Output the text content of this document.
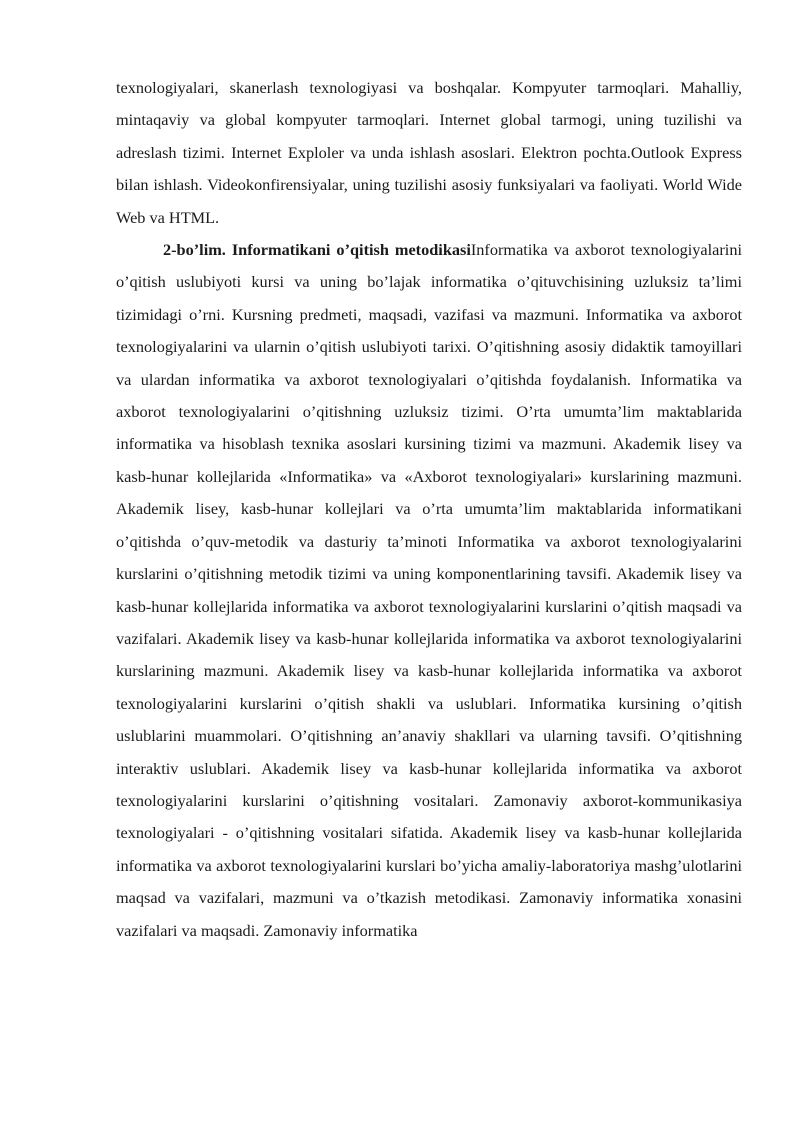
texnologiyalari, skanerlash texnologiyasi va boshqalar. Kompyuter tarmoqlari. Mahalliy, mintaqaviy va global kompyuter tarmoqlari. Internet global tarmogi, uning tuzilishi va adreslash tizimi. Internet Exploler va unda ishlash asoslari. Elektron pochta.Outlook Express bilan ishlash. Videokonfirensiyalar, uning tuzilishi asosiy funksiyalari va faoliyati. World Wide Web va HTML.

2-bo’lim. Informatikani o’qitish metodikasiInformatika va axborot texnologiyalarini o’qitish uslubiyoti kursi va uning bo’lajak informatika o’qituvchisining uzluksiz ta’limi tizimidagi o’rni. Kursning predmeti, maqsadi, vazifasi va mazmuni. Informatika va axborot texnologiyalarini va ularnin o’qitish uslubiyoti tarixi. O’qitishning asosiy didaktik tamoyillari va ulardan informatika va axborot texnologiyalari o’qitishda foydalanish. Informatika va axborot texnologiyalarini o’qitishning uzluksiz tizimi. O’rta umumta’lim maktablarida informatika va hisoblash texnika asoslari kursining tizimi va mazmuni. Akademik lisey va kasb-hunar kollejlarida «Informatika» va «Axborot texnologiyalari» kurslarining mazmuni. Akademik lisey, kasb-hunar kollejlari va o’rta umumta’lim maktablarida informatikani o’qitishda o’quv-metodik va dasturiy ta’minoti Informatika va axborot texnologiyalarini kurslarini o’qitishning metodik tizimi va uning komponentlarining tavsifi. Akademik lisey va kasb-hunar kollejlarida informatika va axborot texnologiyalarini kurslarini o’qitish maqsadi va vazifalari. Akademik lisey va kasb-hunar kollejlarida informatika va axborot texnologiyalarini kurslarining mazmuni. Akademik lisey va kasb-hunar kollejlarida informatika va axborot texnologiyalarini kurslarini o’qitish shakli va uslublari. Informatika kursining o’qitish uslublarini muammolari. O’qitishning an’anaviy shakllari va ularning tavsifi. O’qitishning interaktiv uslublari. Akademik lisey va kasb-hunar kollejlarida informatika va axborot texnologiyalarini kurslarini o’qitishning vositalari. Zamonaviy axborot-kommunikasiya texnologiyalari - o’qitishning vositalari sifatida. Akademik lisey va kasb-hunar kollejlarida informatika va axborot texnologiyalarini kurslari bo’yicha amaliy-laboratoriya mashg’ulotlarini maqsad va vazifalari, mazmuni va o’tkazish metodikasi. Zamonaviy informatika xonasini vazifalari va maqsadi. Zamonaviy informatika
